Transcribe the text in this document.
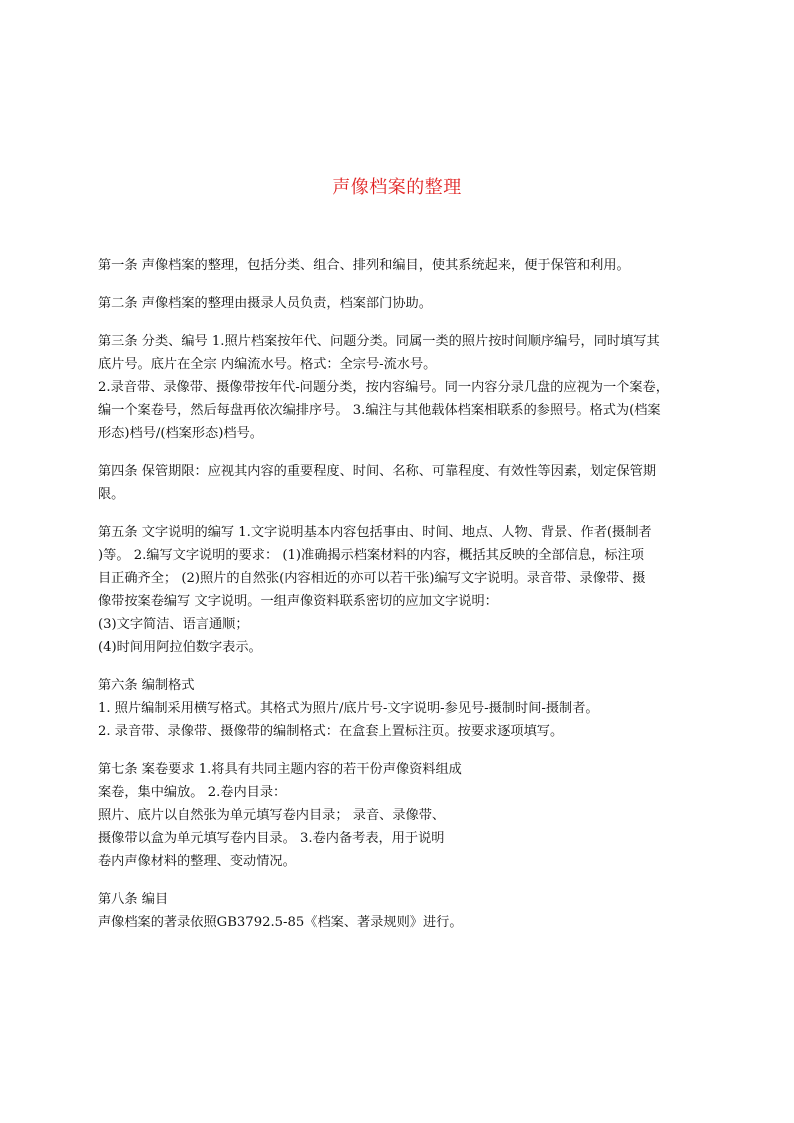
声像档案的整理
第一条 声像档案的整理，包括分类、组合、排列和编目，使其系统起来，便于保管和利用。
第二条 声像档案的整理由摄录人员负责，档案部门协助。
第三条 分类、编号 1.照片档案按年代、问题分类。同属一类的照片按时间顺序编号，同时填写其
底片号。底片在全宗 内编流水号。格式：全宗号-流水号。
2.录音带、录像带、摄像带按年代-问题分类，按内容编号。同一内容分录几盘的应视为一个案卷，
编一个案卷号，然后每盘再依次编排序号。 3.编注与其他载体档案相联系的参照号。格式为(档案
形态)档号/(档案形态)档号。
第四条 保管期限：应视其内容的重要程度、时间、名称、可靠程度、有效性等因素，划定保管期
限。
第五条 文字说明的编写 1.文字说明基本内容包括事由、时间、地点、人物、背景、作者(摄制者
)等。 2.编写文字说明的要求： (1)准确揭示档案材料的内容，概括其反映的全部信息，标注项
目正确齐全； (2)照片的自然张(内容相近的亦可以若干张)编写文字说明。录音带、录像带、摄
像带按案卷编写 文字说明。一组声像资料联系密切的应加文字说明：
(3)文字简洁、语言通顺；
(4)时间用阿拉伯数字表示。
第六条 编制格式
1. 照片编制采用横写格式。其格式为照片/底片号-文字说明-参见号-摄制时间-摄制者。
2. 录音带、录像带、摄像带的编制格式：在盒套上置标注页。按要求逐项填写。
第七条 案卷要求 1.将具有共同主题内容的若干份声像资料组成
案卷，集中编放。 2.卷内目录：
照片、底片以自然张为单元填写卷内目录； 录音、录像带、
摄像带以盒为单元填写卷内目录。 3.卷内备考表，用于说明
卷内声像材料的整理、变动情况。
第八条 编目
声像档案的著录依照GB3792.5-85《档案、著录规则》进行。
